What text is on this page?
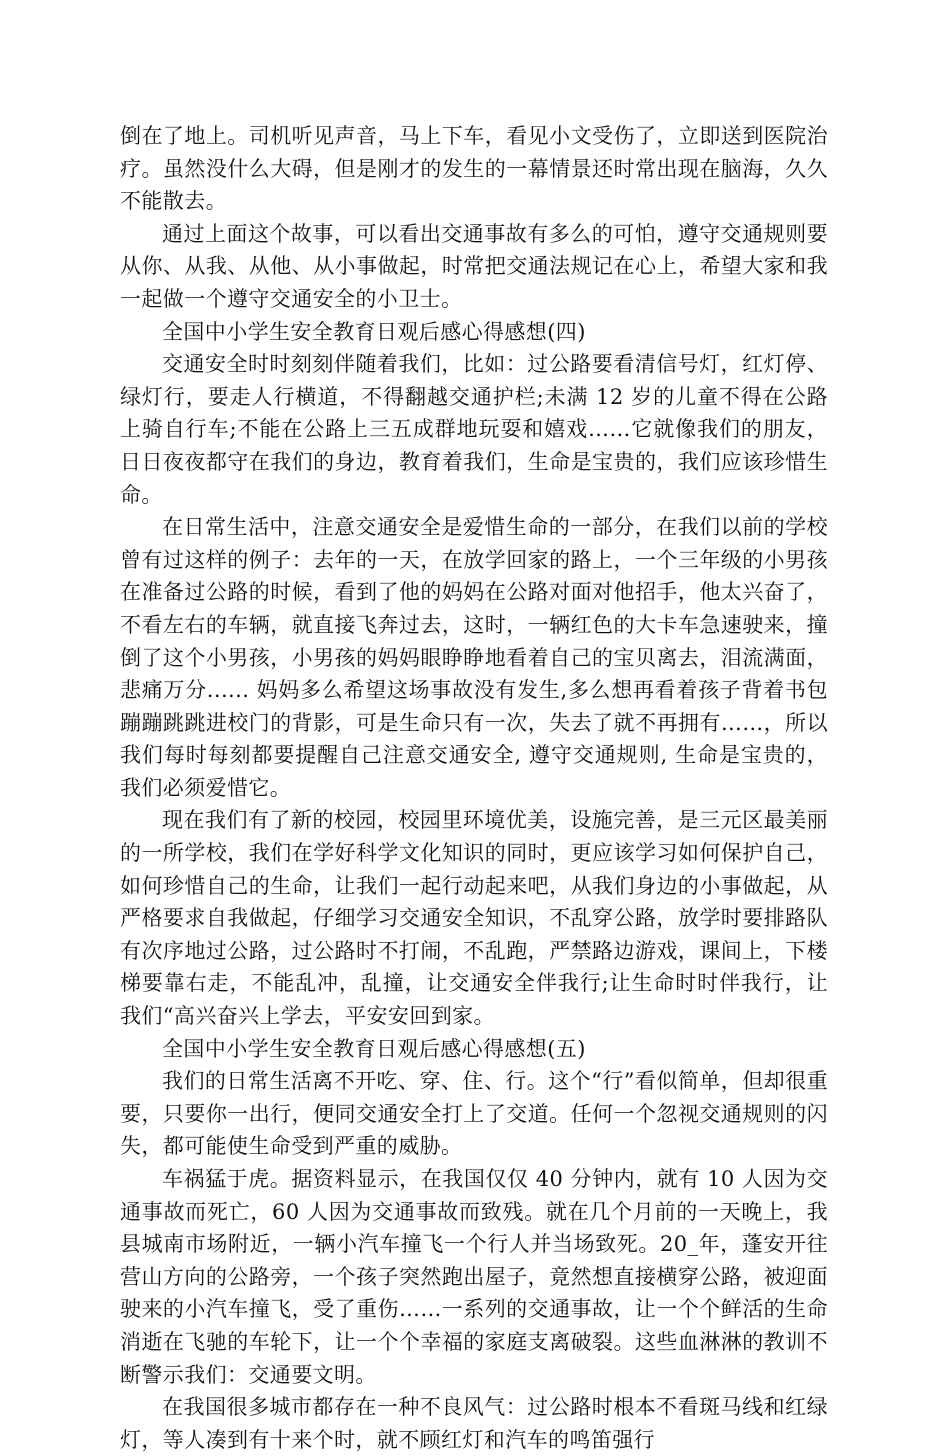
倒在了地上。司机听见声音，马上下车，看见小文受伤了，立即送到医院治疗。虽然没什么大碍，但是刚才的发生的一幕情景还时常出现在脑海，久久不能散去。

通过上面这个故事，可以看出交通事故有多么的可怕，遵守交通规则要从你、从我、从他、从小事做起，时常把交通法规记在心上，希望大家和我一起做一个遵守交通安全的小卫士。

全国中小学生安全教育日观后感心得感想(四)

交通安全时时刻刻伴随着我们，比如：过公路要看清信号灯，红灯停、绿灯行，要走人行横道，不得翻越交通护栏;未满 12 岁的儿童不得在公路上骑自行车;不能在公路上三五成群地玩耍和嬉戏……它就像我们的朋友，日日夜夜都守在我们的身边，教育着我们，生命是宝贵的，我们应该珍惜生命。

在日常生活中，注意交通安全是爱惜生命的一部分，在我们以前的学校曾有过这样的例子：去年的一天，在放学回家的路上，一个三年级的小男孩在准备过公路的时候，看到了他的妈妈在公路对面对他招手，他太兴奋了，不看左右的车辆，就直接飞奔过去，这时，一辆红色的大卡车急速驶来，撞倒了这个小男孩，小男孩的妈妈眼睁睁地看着自己的宝贝离去，泪流满面，悲痛万分...... 妈妈多么希望这场事故没有发生,多么想再看着孩子背着书包蹦蹦跳跳进校门的背影，可是生命只有一次，失去了就不再拥有……，所以我们每时每刻都要提醒自己注意交通安全, 遵守交通规则, 生命是宝贵的，我们必须爱惜它。

现在我们有了新的校园，校园里环境优美，设施完善，是三元区最美丽的一所学校，我们在学好科学文化知识的同时，更应该学习如何保护自己，如何珍惜自己的生命，让我们一起行动起来吧，从我们身边的小事做起，从严格要求自我做起，仔细学习交通安全知识，不乱穿公路，放学时要排路队有次序地过公路，过公路时不打闹，不乱跑，严禁路边游戏，课间上，下楼梯要靠右走，不能乱冲，乱撞，让交通安全伴我行;让生命时时伴我行，让我们“高兴奋兴上学去，平安安回到家。

全国中小学生安全教育日观后感心得感想(五)

我们的日常生活离不开吃、穿、住、行。这个“行”看似简单，但却很重要，只要你一出行，便同交通安全打上了交道。任何一个忽视交通规则的闪失，都可能使生命受到严重的威胁。

车祸猛于虎。据资料显示，在我国仅仅 40 分钟内，就有 10 人因为交通事故而死亡，60 人因为交通事故而致残。就在几个月前的一天晚上，我县城南市场附近，一辆小汽车撞飞一个行人并当场致死。20_年，蓬安开往营山方向的公路旁，一个孩子突然跑出屋子，竟然想直接横穿公路，被迎面驶来的小汽车撞飞，受了重伤……一系列的交通事故，让一个个鲜活的生命消逝在飞驰的车轮下，让一个个幸福的家庭支离破裂。这些血淋淋的教训不断警示我们：交通要文明。

在我国很多城市都存在一种不良风气：过公路时根本不看斑马线和红绿灯，等人凑到有十来个时，就不顾红灯和汽车的鸣笛强行
